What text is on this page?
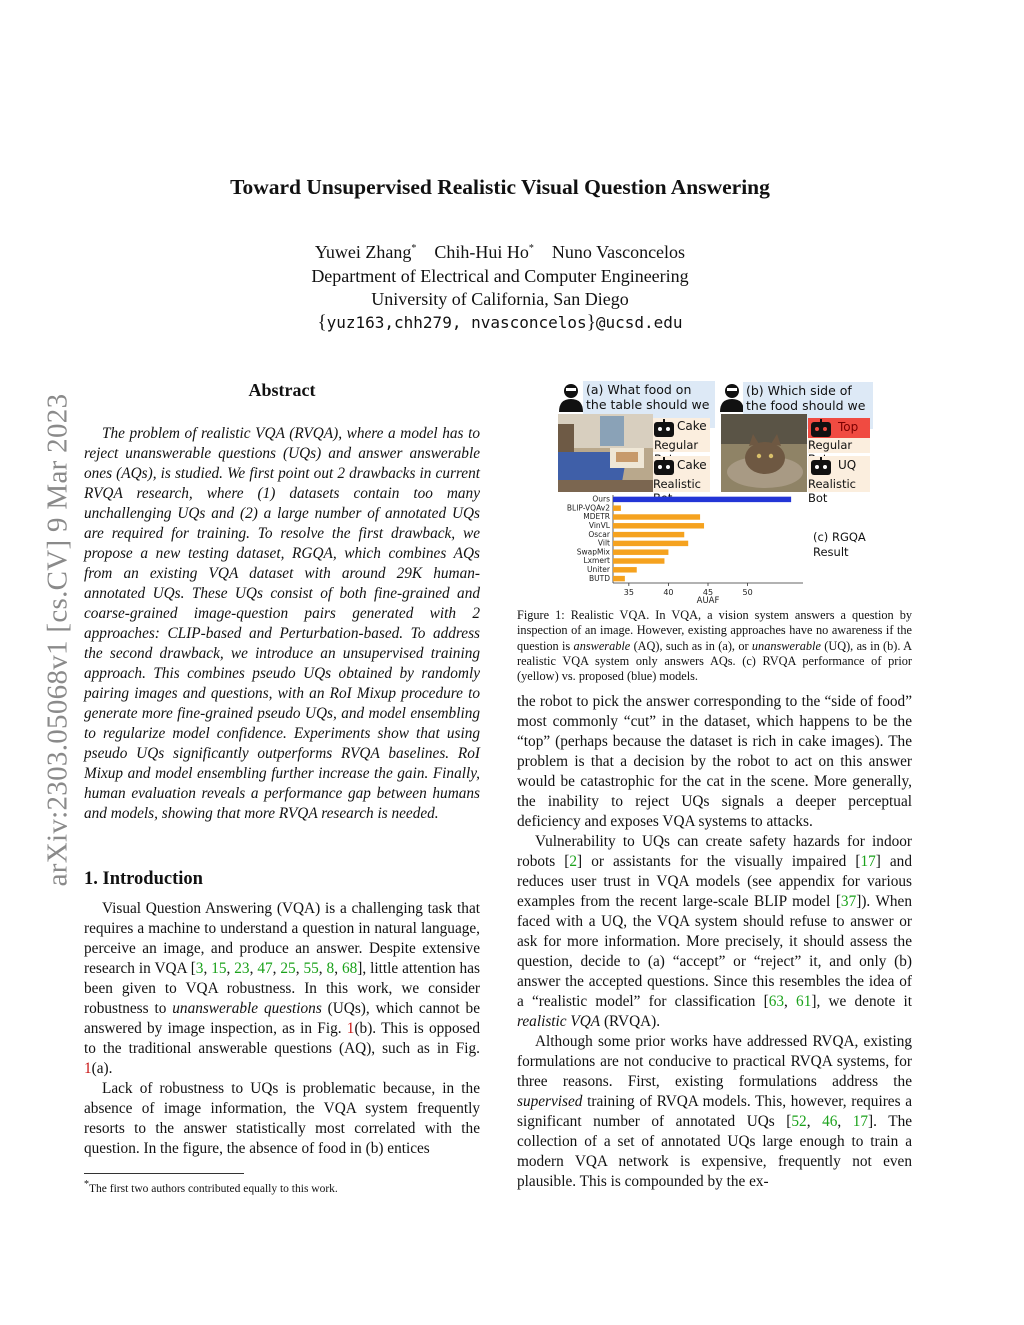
arXiv:2303.05068v1 [cs.CV] 9 Mar 2023
Toward Unsupervised Realistic Visual Question Answering
Yuwei Zhang* Chih-Hui Ho* Nuno Vasconcelos
Department of Electrical and Computer Engineering
University of California, San Diego
{yuz163,chh279, nvasconcelos}@ucsd.edu
Abstract
The problem of realistic VQA (RVQA), where a model has to reject unanswerable questions (UQs) and answer answerable ones (AQs), is studied. We first point out 2 drawbacks in current RVQA research, where (1) datasets contain too many unchallenging UQs and (2) a large number of annotated UQs are required for training. To resolve the first drawback, we propose a new testing dataset, RGQA, which combines AQs from an existing VQA dataset with around 29K human-annotated UQs. These UQs consist of both fine-grained and coarse-grained image-question pairs generated with 2 approaches: CLIP-based and Perturbation-based. To address the second drawback, we introduce an unsupervised training approach. This combines pseudo UQs obtained by randomly pairing images and questions, with an RoI Mixup procedure to generate more fine-grained pseudo UQs, and model ensembling to regularize model confidence. Experiments show that using pseudo UQs significantly outperforms RVQA baselines. RoI Mixup and model ensembling further increase the gain. Finally, human evaluation reveals a performance gap between humans and models, showing that more RVQA research is needed.
1. Introduction

Visual Question Answering (VQA) is a challenging task that requires a machine to understand a question in natural language, perceive an image, and produce an answer. Despite extensive research in VQA [3, 15, 23, 47, 25, 55, 8, 68], little attention has been given to VQA robustness. In this work, we consider robustness to unanswerable questions (UQs), which cannot be answered by image inspection, as in Fig. 1(b). This is opposed to the traditional answerable questions (AQ), such as in Fig. 1(a).

Lack of robustness to UQs is problematic because, in the absence of image information, the VQA system frequently resorts to the answer statistically most correlated with the question. In the figure, the absence of food in (b) entices

*The first two authors contributed equally to this work.
(a) What food on the table should we
(b) Which side of the food should we
Cake
Regular
Cake
Realistic
Top
Regular
UQ
Realistic Bot
Ours
BLIP-VQAv2
MDETR
VinVL
Oscar
Vilt
SwapMix
Lxmert
Uniter
BUTD
35	40	45	50
AUAF
(c) RGQA Result
Figure 1: Realistic VQA. In VQA, a vision system answers a question by inspection of an image. However, existing approaches have no awareness if the question is answerable (AQ), such as in (a), or unanswerable (UQ), as in (b). A realistic VQA system only answers AQs. (c) RVQA performance of prior (yellow) vs. proposed (blue) models.

the robot to pick the answer corresponding to the “side of food” most commonly “cut” in the dataset, which happens to be the “top” (perhaps because the dataset is rich in cake images). The problem is that a decision by the robot to act on this answer would be catastrophic for the cat in the scene. More generally, the inability to reject UQs signals a deeper perceptual deficiency and exposes VQA systems to attacks.

Vulnerability to UQs can create safety hazards for indoor robots [2] or assistants for the visually impaired [17] and reduces user trust in VQA models (see appendix for various examples from the recent large-scale BLIP model [37]). When faced with a UQ, the VQA system should refuse to answer or ask for more information. More precisely, it should assess the question, decide to (a) “accept” or “reject” it, and only (b) answer the accepted questions. Since this resembles the idea of a “realistic model” for classification [63, 61], we denote it realistic VQA (RVQA).

Although some prior works have addressed RVQA, existing formulations are not conducive to practical RVQA systems, for three reasons. First, existing formulations address the supervised training of RVQA models. This, however, requires a significant number of annotated UQs [52, 46, 17]. The collection of a set of annotated UQs large enough to train a modern VQA network is expensive, frequently not even plausible. This is compounded by the ex-
